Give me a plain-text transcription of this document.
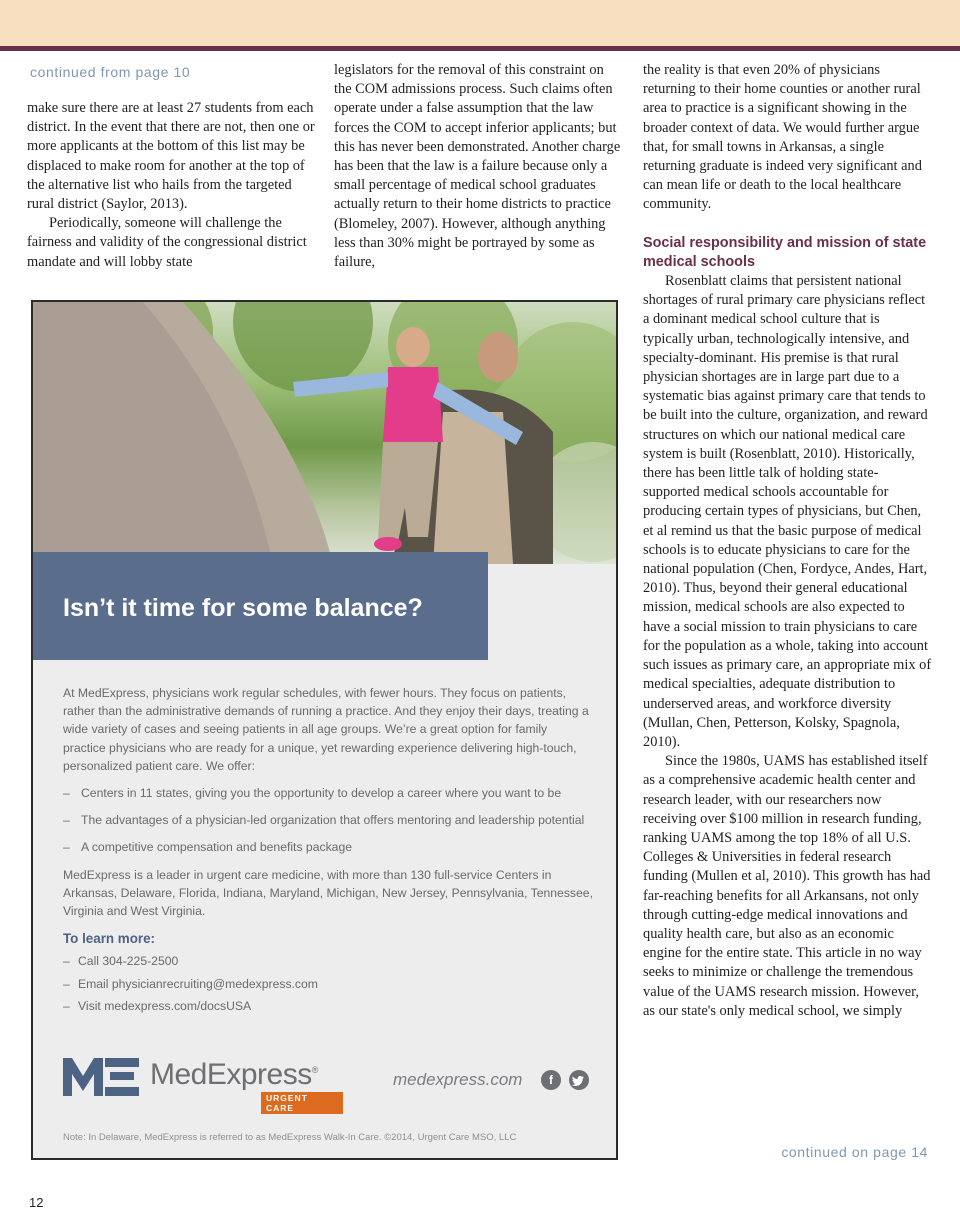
continued from page 10

make sure there are at least 27 students from each district. In the event that there are not, then one or more applicants at the bottom of this list may be displaced to make room for another at the top of the alternative list who hails from the targeted rural district (Saylor, 2013).

Periodically, someone will challenge the fairness and validity of the congressional district mandate and will lobby state

legislators for the removal of this constraint on the COM admissions process. Such claims often operate under a false assumption that the law forces the COM to accept inferior applicants; but this has never been demonstrated. Another charge has been that the law is a failure because only a small percentage of medical school graduates actually return to their home districts to practice (Blomeley, 2007). However, although anything less than 30% might be portrayed by some as failure,

the reality is that even 20% of physicians returning to their home counties or another rural area to practice is a significant showing in the broader context of data. We would further argue that, for small towns in Arkansas, a single returning graduate is indeed very significant and can mean life or death to the local healthcare community.

Social responsibility and mission of state medical schools

Rosenblatt claims that persistent national shortages of rural primary care physicians reflect a dominant medical school culture that is typically urban, technologically intensive, and specialty-dominant. His premise is that rural physician shortages are in large part due to a systematic bias against primary care that tends to be built into the culture, organization, and reward structures on which our national medical care system is built (Rosenblatt, 2010). Historically, there has been little talk of holding state-supported medical schools accountable for producing certain types of physicians, but Chen, et al remind us that the basic purpose of medical schools is to educate physicians to care for the national population (Chen, Fordyce, Andes, Hart, 2010). Thus, beyond their general educational mission, medical schools are also expected to have a social mission to train physicians to care for the population as a whole, taking into account such issues as primary care, an appropriate mix of medical specialties, adequate distribution to underserved areas, and workforce diversity (Mullan, Chen, Petterson, Kolsky, Spagnola, 2010).

Since the 1980s, UAMS has established itself as a comprehensive academic health center and research leader, with our researchers now receiving over $100 million in research funding, ranking UAMS among the top 18% of all U.S. Colleges & Universities in federal research funding (Mullen et al, 2010). This growth has had far-reaching benefits for all Arkansans, not only through cutting-edge medical innovations and quality health care, but also as an economic engine for the entire state. This article in no way seeks to minimize or challenge the tremendous value of the UAMS research mission. However, as our state's only medical school, we simply

continued on page 14
Isn’t it time for some balance?

At MedExpress, physicians work regular schedules, with fewer hours. They focus on patients, rather than the administrative demands of running a practice. And they enjoy their days, treating a wide variety of cases and seeing patients in all age groups. We’re a great option for family practice physicians who are ready for a unique, yet rewarding experience delivering high-touch, personalized patient care. We offer:

– Centers in 11 states, giving you the opportunity to develop a career where you want to be
– The advantages of a physician-led organization that offers mentoring and leadership potential
– A competitive compensation and benefits package

MedExpress is a leader in urgent care medicine, with more than 130 full-service Centers in Arkansas, Delaware, Florida, Indiana, Maryland, Michigan, New Jersey, Pennsylvania, Tennessee, Virginia and West Virginia.

To learn more:

– Call 304-225-2500
– Email physicianrecruiting@medexpress.com
– Visit medexpress.com/docsUSA
MedExpress®
URGENT CARE
medexpress.com	f

Note: In Delaware, MedExpress is referred to as MedExpress Walk-In Care. ©2014, Urgent Care MSO, LLC

12
